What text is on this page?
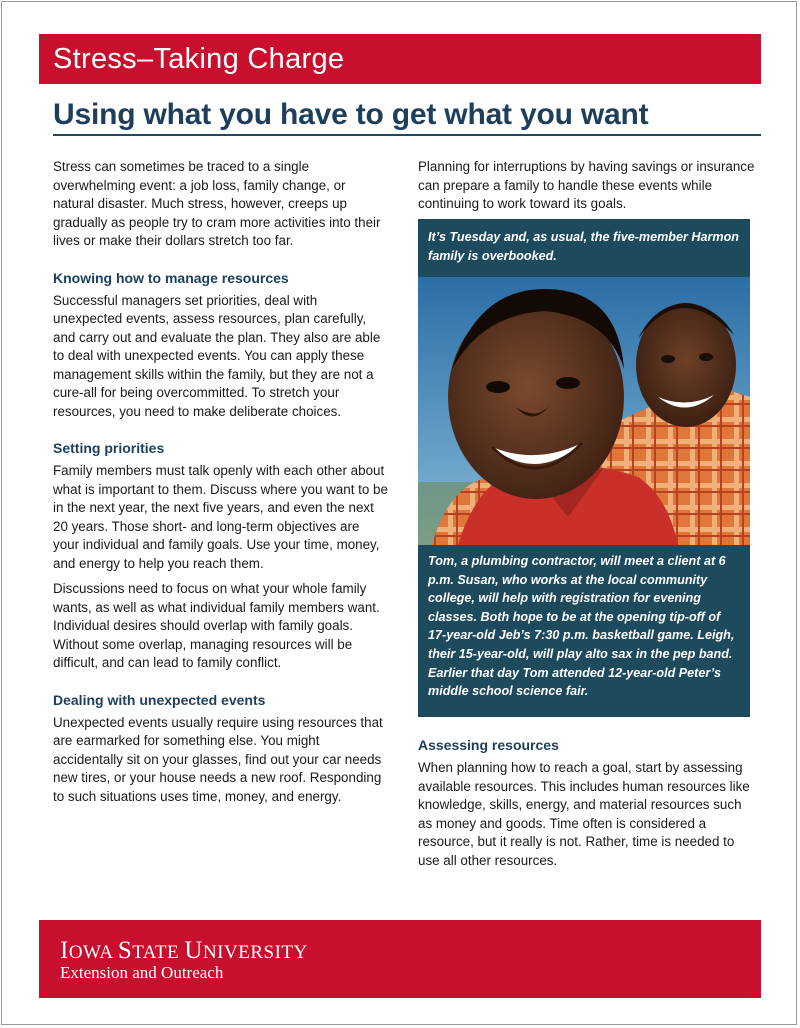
Stress–Taking Charge
Using what you have to get what you want

Stress can sometimes be traced to a single overwhelming event: a job loss, family change, or natural disaster. Much stress, however, creeps up gradually as people try to cram more activities into their lives or make their dollars stretch too far.

Knowing how to manage resources

Successful managers set priorities, deal with unexpected events, assess resources, plan carefully, and carry out and evaluate the plan. They also are able to deal with unexpected events. You can apply these management skills within the family, but they are not a cure-all for being overcommitted. To stretch your resources, you need to make deliberate choices.

Setting priorities

Family members must talk openly with each other about what is important to them. Discuss where you want to be in the next year, the next five years, and even the next 20 years. Those short- and long-term objectives are your individual and family goals. Use your time, money, and energy to help you reach them.

Discussions need to focus on what your whole family wants, as well as what individual family members want. Individual desires should overlap with family goals. Without some overlap, managing resources will be difficult, and can lead to family conflict.

Dealing with unexpected events

Unexpected events usually require using resources that are earmarked for something else. You might accidentally sit on your glasses, find out your car needs new tires, or your house needs a new roof. Responding to such situations uses time, money, and energy.

Planning for interruptions by having savings or insurance can prepare a family to handle these events while continuing to work toward its goals.

It’s Tuesday and, as usual, the five-member Harmon family is overbooked.
Tom, a plumbing contractor, will meet a client at 6 p.m. Susan, who works at the local community college, will help with registration for evening classes. Both hope to be at the opening tip-off of 17-year-old Jeb’s 7:30 p.m. basketball game. Leigh, their 15-year-old, will play alto sax in the pep band. Earlier that day Tom attended 12-year-old Peter’s middle school science fair.
Assessing resources

When planning how to reach a goal, start by assessing available resources. This includes human resources like knowledge, skills, energy, and material resources such as money and goods. Time often is considered a resource, but it really is not. Rather, time is needed to use all other resources.

IOWA STATE UNIVERSITY
Extension and Outreach
